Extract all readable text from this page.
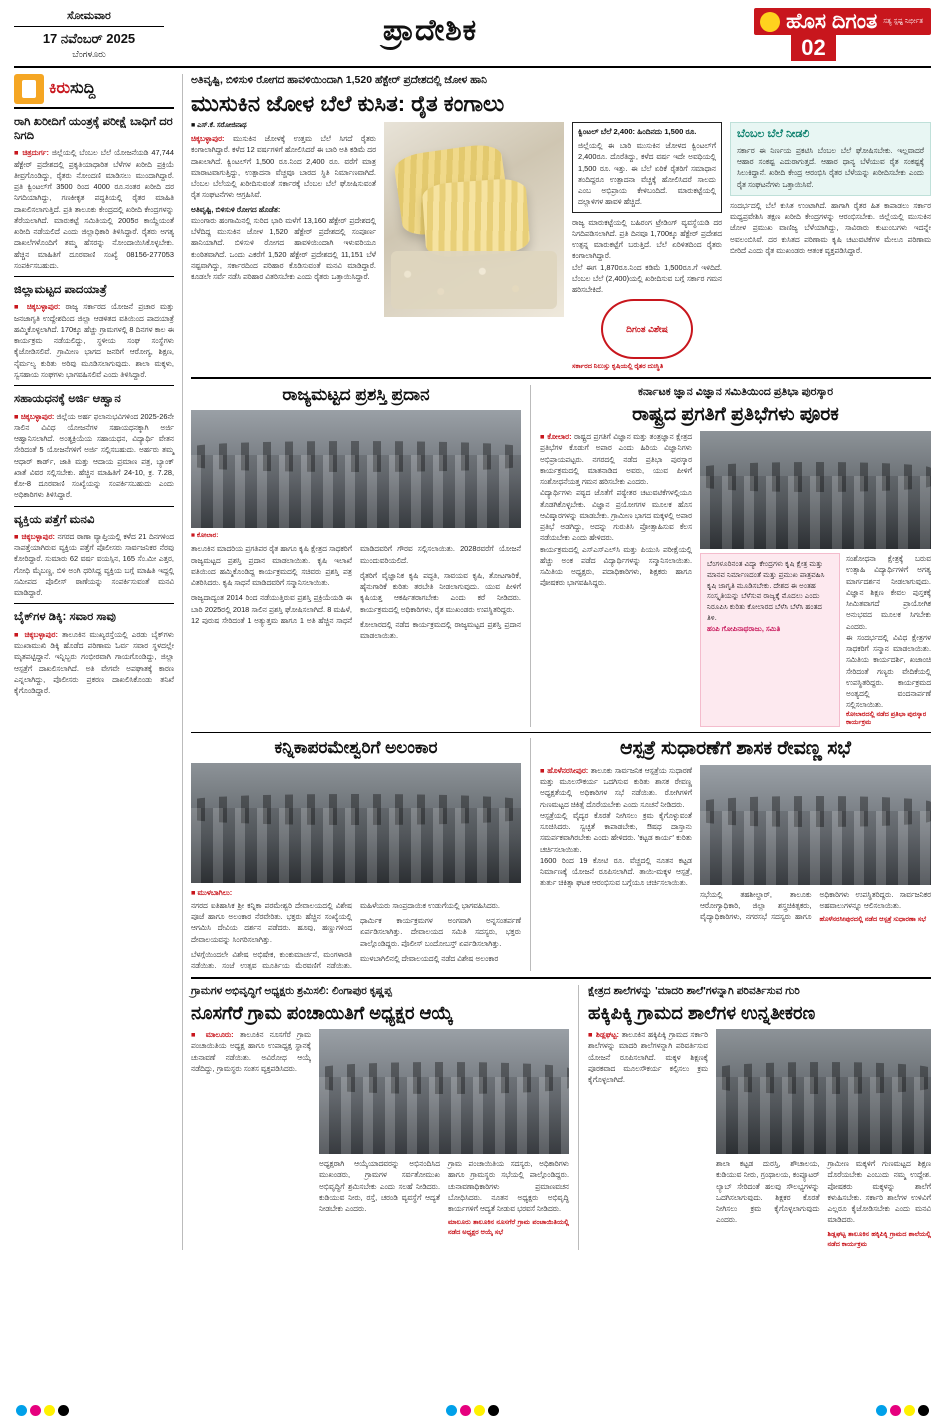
ಸೋಮವಾರ
17 ನವೆಂಬರ್ 2025
ಬೆಂಗಳೂರು
ಪ್ರಾದೇಶಿಕ	ಹೊಸ ದಿಗಂತ ಸತ್ಯ ಸ್ಪಷ್ಟ ನಿರ್ಭೀತ
02
ಕಿರುಸುದ್ದಿ
ರಾಗಿ ಖರೀದಿಗೆ ಯಂತ್ರಕ್ಕೆ ಪರೀಕ್ಷೆ ಬಾಧಿಗೆ ದರ ನಿಗದಿ
■ ಚಿತ್ರದುರ್ಗ: ಜಿಲ್ಲೆಯಲ್ಲಿ ಬೆಂಬಲ ಬೆಲೆ ಯೋಜನೆಯಡಿ 47,744 ಹೆಕ್ಟೇರ್ ಪ್ರದೇಶದಲ್ಲಿ ಪ್ರಕೃತಿಯಾಧಾರಿತ ಬೆಳೆಗಳ ಖರೀದಿ ಪ್ರಕ್ರಿಯೆ ತೀವ್ರಗೊಂಡಿದ್ದು, ರೈತರು ನೋಂದಣಿ ಮಾಡಿಸಲು ಮುಂದಾಗಿದ್ದಾರೆ. ಪ್ರತಿ ಕ್ವಿಂಟಲ್‌ಗೆ 3500 ರಿಂದ 4000 ರೂ.ನಂತರ ಖರೀದಿ ದರ ನಿಗದಿಯಾಗಿದ್ದು, ಗಣಕೀಕೃತ ಪದ್ಧತಿಯಲ್ಲಿ ರೈತರ ಮಾಹಿತಿ ದಾಖಲಿಸಲಾಗುತ್ತಿದೆ. ಪ್ರತಿ ತಾಲೂಕು ಕೇಂದ್ರದಲ್ಲಿ ಖರೀದಿ ಕೇಂದ್ರಗಳನ್ನು ತೆರೆಯಲಾಗಿದೆ. ಮಾರುಕಟ್ಟೆ ಸಮಿತಿಯಲ್ಲಿ 2005ರ ಕಾಯ್ದೆಯಂತೆ ಖರೀದಿ ನಡೆಯಲಿದೆ ಎಂದು ಜಿಲ್ಲಾಧಿಕಾರಿ ತಿಳಿಸಿದ್ದಾರೆ. ರೈತರು ಅಗತ್ಯ ದಾಖಲೆಗಳೊಂದಿಗೆ ತಮ್ಮ ಹೆಸರನ್ನು ನೋಂದಾಯಿಸಿಕೊಳ್ಳಬೇಕು. ಹೆಚ್ಚಿನ ಮಾಹಿತಿಗೆ ದೂರವಾಣಿ ಸಂಖ್ಯೆ 08156-277053 ಸಂಪರ್ಕಿಸಬಹುದು.
ಜಿಲ್ಲಾಮಟ್ಟದ ಪಾದಯಾತ್ರೆ
■ ಚಿಕ್ಕಬಳ್ಳಾಪುರ: ರಾಜ್ಯ ಸರ್ಕಾರದ ಯೋಜನೆ ಪ್ರಚಾರ ಮತ್ತು ಜನಜಾಗೃತಿ ಉದ್ದೇಶದಿಂದ ಜಿಲ್ಲಾ ಆಡಳಿತದ ವತಿಯಿಂದ ಪಾದಯಾತ್ರೆ ಹಮ್ಮಿಕೊಳ್ಳಲಾಗಿದೆ. 170ಕ್ಕೂ ಹೆಚ್ಚು ಗ್ರಾಮಗಳಲ್ಲಿ 8 ದಿನಗಳ ಕಾಲ ಈ ಕಾರ್ಯಕ್ರಮ ನಡೆಯಲಿದ್ದು, ಸ್ಥಳೀಯ ಸಂಘ ಸಂಸ್ಥೆಗಳು ಕೈಜೋಡಿಸಲಿವೆ. ಗ್ರಾಮೀಣ ಭಾಗದ ಜನರಿಗೆ ಆರೋಗ್ಯ, ಶಿಕ್ಷಣ, ನೈರ್ಮಲ್ಯ ಕುರಿತು ಅರಿವು ಮೂಡಿಸಲಾಗುವುದು. ಶಾಲಾ ಮಕ್ಕಳು, ಸ್ವಸಹಾಯ ಸಂಘಗಳು ಭಾಗವಹಿಸಲಿವೆ ಎಂದು ತಿಳಿಸಿದ್ದಾರೆ.
ಸಹಾಯಧನಕ್ಕೆ ಅರ್ಜಿ ಆಹ್ವಾನ
■ ಚಿಕ್ಕಬಳ್ಳಾಪುರ: ಜಿಲ್ಲೆಯ ಅರ್ಹ ಫಲಾನುಭವಿಗಳಿಂದ 2025-26ನೇ ಸಾಲಿನ ವಿವಿಧ ಯೋಜನೆಗಳ ಸಹಾಯಧನಕ್ಕಾಗಿ ಅರ್ಜಿ ಆಹ್ವಾನಿಸಲಾಗಿದೆ. ಅಂತ್ಯಕ್ರಿಯೆಯ ಸಹಾಯಧನ, ವಿದ್ಯಾರ್ಥಿ ವೇತನ ಸೇರಿದಂತೆ 5 ಯೋಜನೆಗಳಿಗೆ ಅರ್ಜಿ ಸಲ್ಲಿಸಬಹುದು. ಅರ್ಹರು ತಮ್ಮ ಆಧಾರ್ ಕಾರ್ಡ್, ಜಾತಿ ಮತ್ತು ಆದಾಯ ಪ್ರಮಾಣ ಪತ್ರ, ಬ್ಯಾಂಕ್ ಖಾತೆ ವಿವರ ಸಲ್ಲಿಸಬೇಕು. ಹೆಚ್ಚಿನ ಮಾಹಿತಿಗೆ 24-10, ಕ್ರ. 7.28, ಕೋ-8 ದೂರವಾಣಿ ಸಂಖ್ಯೆಯನ್ನು ಸಂಪರ್ಕಿಸಬಹುದು ಎಂದು ಅಧಿಕಾರಿಗಳು ತಿಳಿಸಿದ್ದಾರೆ.
ವ್ಯಕ್ತಿಯ ಪತ್ತೆಗೆ ಮನವಿ
■ ಚಿಕ್ಕಬಳ್ಳಾಪುರ: ನಗರದ ಠಾಣಾ ವ್ಯಾಪ್ತಿಯಲ್ಲಿ ಕಳೆದ 21 ದಿನಗಳಿಂದ ನಾಪತ್ತೆಯಾಗಿರುವ ವ್ಯಕ್ತಿಯ ಪತ್ತೆಗೆ ಪೊಲೀಸರು ಸಾರ್ವಜನಿಕರ ನೆರವು ಕೋರಿದ್ದಾರೆ. ಸುಮಾರು 62 ವರ್ಷ ವಯಸ್ಸಿನ, 165 ಸೆಂ.ಮೀ ಎತ್ತರ, ಗೋಧಿ ಮೈಬಣ್ಣ, ಬಿಳಿ ಅಂಗಿ ಧರಿಸಿದ್ದ ವ್ಯಕ್ತಿಯ ಬಗ್ಗೆ ಮಾಹಿತಿ ಇದ್ದಲ್ಲಿ ಸಮೀಪದ ಪೊಲೀಸ್ ಠಾಣೆಯನ್ನು ಸಂಪರ್ಕಿಸುವಂತೆ ಮನವಿ ಮಾಡಿದ್ದಾರೆ.
ಬೈಕ್‌ಗಳ ಡಿಕ್ಕಿ: ಸವಾರ ಸಾವು
■ ಚಿಕ್ಕಬಳ್ಳಾಪುರ: ತಾಲೂಕಿನ ಮುಖ್ಯರಸ್ತೆಯಲ್ಲಿ ಎರಡು ಬೈಕ್‌ಗಳು ಮುಖಾಮುಖಿ ಡಿಕ್ಕಿ ಹೊಡೆದ ಪರಿಣಾಮ ಓರ್ವ ಸವಾರ ಸ್ಥಳದಲ್ಲೇ ಮೃತಪಟ್ಟಿದ್ದಾನೆ. ಇನ್ನಿಬ್ಬರು ಗಂಭೀರವಾಗಿ ಗಾಯಗೊಂಡಿದ್ದು, ಜಿಲ್ಲಾ ಆಸ್ಪತ್ರೆಗೆ ದಾಖಲಿಸಲಾಗಿದೆ. ಅತಿ ವೇಗವೇ ಅಪಘಾತಕ್ಕೆ ಕಾರಣ ಎನ್ನಲಾಗಿದ್ದು, ಪೊಲೀಸರು ಪ್ರಕರಣ ದಾಖಲಿಸಿಕೊಂಡು ತನಿಖೆ ಕೈಗೊಂಡಿದ್ದಾರೆ.
ಅತಿವೃಷ್ಟಿ, ಬಿಳಿಸುಳಿ ರೋಗದ ಹಾವಳಿಯಿಂದಾಗಿ 1,520 ಹೆಕ್ಟೇರ್ ಪ್ರದೇಶದಲ್ಲಿ ಜೋಳ ಹಾನಿ
ಮುಸುಕಿನ ಜೋಳ ಬೆಲೆ ಕುಸಿತ: ರೈತ ಕಂಗಾಲು
■ ಎಸ್.ಕೆ. ಸರೋಜಿನಾಥ
ಚಿಕ್ಕಬಳ್ಳಾಪುರ: ಮುಸುಕಿನ ಜೋಳಕ್ಕೆ ಉತ್ತಮ ಬೆಲೆ ಸಿಗದೆ ರೈತರು ಕಂಗಾಲಾಗಿದ್ದಾರೆ. ಕಳೆದ 12 ವರ್ಷಗಳಿಗೆ ಹೋಲಿಸಿದರೆ ಈ ಬಾರಿ ಅತಿ ಕಡಿಮೆ ದರ ದಾಖಲಾಗಿದೆ. ಕ್ವಿಂಟಲ್‌ಗೆ 1,500 ರೂ.ನಿಂದ 2,400 ರೂ. ವರೆಗೆ ಮಾತ್ರ ಮಾರಾಟವಾಗುತ್ತಿದ್ದು, ಉತ್ಪಾದನಾ ವೆಚ್ಚವೂ ಬಾರದ ಸ್ಥಿತಿ ನಿರ್ಮಾಣವಾಗಿದೆ. ಬೆಂಬಲ ಬೆಲೆಯಲ್ಲಿ ಖರೀದಿಸುವಂತೆ ಸರ್ಕಾರಕ್ಕೆ ಬೆಂಬಲ ಬೆಲೆ ಘೋಷಿಸುವಂತೆ ರೈತ ಸಂಘಟನೆಗಳು ಆಗ್ರಹಿಸಿವೆ.
ಅತಿವೃಷ್ಟಿ, ಬಿಳಿಸುಳಿ ರೋಗದ ಹೊಡೆತ:
ಮುಂಗಾರು ಹಂಗಾಮಿನಲ್ಲಿ ಸುರಿದ ಭಾರಿ ಮಳೆಗೆ 13,160 ಹೆಕ್ಟೇರ್ ಪ್ರದೇಶದಲ್ಲಿ ಬೆಳೆದಿದ್ದ ಮುಸುಕಿನ ಜೋಳ 1,520 ಹೆಕ್ಟೇರ್ ಪ್ರದೇಶದಲ್ಲಿ ಸಂಪೂರ್ಣ ಹಾನಿಯಾಗಿದೆ. ಬಿಳಿಸುಳಿ ರೋಗದ ಹಾವಳಿಯಿಂದಾಗಿ ಇಳುವರಿಯೂ ಕುಂಠಿತವಾಗಿದೆ. ಒಂದು ಎಕರೆಗೆ 1,520 ಹೆಕ್ಟೇರ್ ಪ್ರದೇಶದಲ್ಲಿ 11,151 ಬೆಳೆ ನಷ್ಟವಾಗಿದ್ದು, ಸರ್ಕಾರದಿಂದ ಪರಿಹಾರ ಕೊಡಿಸುವಂತೆ ಮನವಿ ಮಾಡಿದ್ದಾರೆ. ಕೂಡಲೇ ಸರ್ವೆ ನಡೆಸಿ ಪರಿಹಾರ ವಿತರಿಸಬೇಕು ಎಂದು ರೈತರು ಒತ್ತಾಯಿಸಿದ್ದಾರೆ.
ಕ್ವಿಂಟಲ್ ಬೆಲೆ 2,400: ಹಿಂದಿನದು 1,500 ರೂ.
ಜಿಲ್ಲೆಯಲ್ಲಿ ಈ ಬಾರಿ ಮುಸುಕಿನ ಜೋಳದ ಕ್ವಿಂಟಲ್‌ಗೆ 2,400ರೂ. ದೊರೆತಿದ್ದು, ಕಳೆದ ವರ್ಷ ಇದೇ ಅವಧಿಯಲ್ಲಿ 1,500 ರೂ. ಇತ್ತು. ಈ ಬೆಲೆ ಏರಿಕೆ ರೈತರಿಗೆ ಸಮಾಧಾನ ತಂದಿದ್ದರೂ ಉತ್ಪಾದನಾ ವೆಚ್ಚಕ್ಕೆ ಹೋಲಿಸಿದರೆ ಸಾಲದು ಎಂಬ ಅಭಿಪ್ರಾಯ ಕೇಳಿಬಂದಿದೆ. ಮಾರುಕಟ್ಟೆಯಲ್ಲಿ ದಲ್ಲಾಳಿಗಳ ಹಾವಳಿ ಹೆಚ್ಚಿದೆ.
ರಾಜ್ಯ ಮಾರುಕಟ್ಟೆಯಲ್ಲಿ ಬಹಿರಂಗ ಟ್ರೇಡಿಂಗ್ ವ್ಯವಸ್ಥೆಯಡಿ ದರ ನಿಗದಿಪಡಿಸಲಾಗಿದೆ. ಪ್ರತಿ ದಿನವೂ 1,700ಕ್ಕೂ ಹೆಕ್ಟೇರ್ ಪ್ರದೇಶದ ಉತ್ಪನ್ನ ಮಾರುಕಟ್ಟೆಗೆ ಬರುತ್ತಿದೆ. ಬೆಲೆ ಏರಿಳಿತದಿಂದ ರೈತರು ಕಂಗಾಲಾಗಿದ್ದಾರೆ.
ಬೆಲೆ ಈಗ 1,870ರೂ.ನಿಂದ ಕಡಿಮೆ 1,500ರೂ.ಗೆ ಇಳಿದಿದೆ. ಬೆಂಬಲ ಬೆಲೆ (2,400)ಯಲ್ಲಿ ಖರೀದಿಸುವ ಬಗ್ಗೆ ಸರ್ಕಾರ ಗಮನ ಹರಿಸಬೇಕಿದೆ.
ದಿಗಂತ ವಿಶೇಷ
ಸರ್ಕಾರದ ನಿಲುಸ್ತು ಕೃಷಿಯಲ್ಲಿ ರೈತರ ದುಃಸ್ಥಿತಿ
ಬೆಂಬಲ ಬೆಲೆ ನೀಡಲಿ
ಸರ್ಕಾರ ಈ ನಿರ್ಣಯ ಪ್ರಕಟಿಸಿ ಬೆಂಬಲ ಬೆಲೆ ಘೋಷಿಸಬೇಕು. ಇಲ್ಲವಾದರೆ ಆಹಾರ ಸಂಕಷ್ಟ ಎದುರಾಗುತ್ತದೆ. ಆಹಾರ ಧಾನ್ಯ ಬೆಳೆಯುವ ರೈತ ಸಂಕಷ್ಟಕ್ಕೆ ಸಿಲುಕಿದ್ದಾನೆ. ಖರೀದಿ ಕೇಂದ್ರ ಆರಂಭಿಸಿ ರೈತರ ಬೆಳೆಯನ್ನು ಖರೀದಿಸಬೇಕು ಎಂದು ರೈತ ಸಂಘಟನೆಗಳು ಒತ್ತಾಯಿಸಿವೆ.
ಸಂದರ್ಭದಲ್ಲಿ ಬೆಲೆ ಕುಸಿತ ಉಂಟಾಗಿದೆ. ಹಾಗಾಗಿ ರೈತರ ಹಿತ ಕಾಪಾಡಲು ಸರ್ಕಾರ ಮಧ್ಯಪ್ರವೇಶಿಸಿ ತಕ್ಷಣ ಖರೀದಿ ಕೇಂದ್ರಗಳನ್ನು ಆರಂಭಿಸಬೇಕು. ಜಿಲ್ಲೆಯಲ್ಲಿ ಮುಸುಕಿನ ಜೋಳ ಪ್ರಮುಖ ವಾಣಿಜ್ಯ ಬೆಳೆಯಾಗಿದ್ದು, ಸಾವಿರಾರು ಕುಟುಂಬಗಳು ಇದನ್ನೇ ಅವಲಂಬಿಸಿವೆ. ದರ ಕುಸಿತದ ಪರಿಣಾಮ ಕೃಷಿ ಚಟುವಟಿಕೆಗಳ ಮೇಲೂ ಪರಿಣಾಮ ಬೀರಿದೆ ಎಂದು ರೈತ ಮುಖಂಡರು ಆತಂಕ ವ್ಯಕ್ತಪಡಿಸಿದ್ದಾರೆ.
ರಾಜ್ಯಮಟ್ಟದ ಪ್ರಶಸ್ತಿ ಪ್ರದಾನ
■ ಕೋಲಾರ:

ತಾಲೂಕಿನ ಮಾದರಿಯ ಪ್ರಗತಿಪರ ರೈತ ಹಾಗೂ ಕೃಷಿ ಕ್ಷೇತ್ರದ ಸಾಧಕರಿಗೆ ರಾಜ್ಯಮಟ್ಟದ ಪ್ರಶಸ್ತಿ ಪ್ರದಾನ ಮಾಡಲಾಯಿತು. ಕೃಷಿ ಇಲಾಖೆ ವತಿಯಿಂದ ಹಮ್ಮಿಕೊಂಡಿದ್ದ ಕಾರ್ಯಕ್ರಮದಲ್ಲಿ ಸಚಿವರು ಪ್ರಶಸ್ತಿ ಪತ್ರ ವಿತರಿಸಿದರು. ಕೃಷಿ ಸಾಧನೆ ಮಾಡಿದವರಿಗೆ ಸನ್ಮಾನಿಸಲಾಯಿತು.

ರಾಜ್ಯದಾದ್ಯಂತ 2014 ರಿಂದ ನಡೆಯುತ್ತಿರುವ ಪ್ರಶಸ್ತಿ ಪ್ರಕ್ರಿಯೆಯಡಿ ಈ ಬಾರಿ 2025ರಲ್ಲಿ 2018 ಸಾಲಿನ ಪ್ರಶಸ್ತಿ ಘೋಷಿಸಲಾಗಿದೆ. 8 ಮಹಿಳೆ, 12 ಪುರುಷ ಸೇರಿದಂತೆ 1 ಅತ್ಯುತ್ತಮ ಹಾಗೂ 1 ಅತಿ ಹೆಚ್ಚಿನ ಸಾಧನೆ ಮಾಡಿದವರಿಗೆ ಗೌರವ ಸಲ್ಲಿಸಲಾಯಿತು. 2028ರವರೆಗೆ ಯೋಜನೆ ಮುಂದುವರಿಯಲಿದೆ.

ರೈತರಿಗೆ ವೈಜ್ಞಾನಿಕ ಕೃಷಿ ಪದ್ಧತಿ, ಸಾವಯವ ಕೃಷಿ, ತೋಟಗಾರಿಕೆ, ಹೈನುಗಾರಿಕೆ ಕುರಿತು ತರಬೇತಿ ನೀಡಲಾಗುವುದು. ಯುವ ಪೀಳಿಗೆ ಕೃಷಿಯತ್ತ ಆಕರ್ಷಿತರಾಗಬೇಕು ಎಂದು ಕರೆ ನೀಡಿದರು. ಕಾರ್ಯಕ್ರಮದಲ್ಲಿ ಅಧಿಕಾರಿಗಳು, ರೈತ ಮುಖಂಡರು ಉಪಸ್ಥಿತರಿದ್ದರು.

ಕೋಲಾರದಲ್ಲಿ ನಡೆದ ಕಾರ್ಯಕ್ರಮದಲ್ಲಿ ರಾಜ್ಯಮಟ್ಟದ ಪ್ರಶಸ್ತಿ ಪ್ರದಾನ ಮಾಡಲಾಯಿತು.

ಕರ್ನಾಟಕ ಜ್ಞಾನ ವಿಜ್ಞಾನ ಸಮಿತಿಯಿಂದ ಪ್ರತಿಭಾ ಪುರಸ್ಕಾರ
ರಾಷ್ಟ್ರದ ಪ್ರಗತಿಗೆ ಪ್ರತಿಭೆಗಳು ಪೂರಕ
■ ಕೋಲಾರ: ರಾಷ್ಟ್ರದ ಪ್ರಗತಿಗೆ ವಿಜ್ಞಾನ ಮತ್ತು ತಂತ್ರಜ್ಞಾನ ಕ್ಷೇತ್ರದ ಪ್ರತಿಭೆಗಳ ಕೊಡುಗೆ ಅಪಾರ ಎಂದು ಹಿರಿಯ ವಿಜ್ಞಾನಿಗಳು ಅಭಿಪ್ರಾಯಪಟ್ಟರು. ನಗರದಲ್ಲಿ ನಡೆದ ಪ್ರತಿಭಾ ಪುರಸ್ಕಾರ ಕಾರ್ಯಕ್ರಮದಲ್ಲಿ ಮಾತನಾಡಿದ ಅವರು, ಯುವ ಪೀಳಿಗೆ ಸಂಶೋಧನೆಯತ್ತ ಗಮನ ಹರಿಸಬೇಕು ಎಂದರು.
ವಿದ್ಯಾರ್ಥಿಗಳು ಪಠ್ಯದ ಜೊತೆಗೆ ಪಠ್ಯೇತರ ಚಟುವಟಿಕೆಗಳಲ್ಲಿಯೂ ತೊಡಗಿಕೊಳ್ಳಬೇಕು. ವಿಜ್ಞಾನ ಪ್ರಯೋಗಗಳ ಮೂಲಕ ಹೊಸ ಆವಿಷ್ಕಾರಗಳನ್ನು ಮಾಡಬೇಕು. ಗ್ರಾಮೀಣ ಭಾಗದ ಮಕ್ಕಳಲ್ಲಿ ಅಪಾರ ಪ್ರತಿಭೆ ಅಡಗಿದ್ದು, ಅದನ್ನು ಗುರುತಿಸಿ ಪ್ರೋತ್ಸಾಹಿಸುವ ಕೆಲಸ ನಡೆಯಬೇಕು ಎಂದು ಹೇಳಿದರು.
ಕಾರ್ಯಕ್ರಮದಲ್ಲಿ ಎಸ್ಎಸ್ಎಲ್‌ಸಿ ಮತ್ತು ಪಿಯುಸಿ ಪರೀಕ್ಷೆಯಲ್ಲಿ ಹೆಚ್ಚು ಅಂಕ ಪಡೆದ ವಿದ್ಯಾರ್ಥಿಗಳನ್ನು ಸನ್ಮಾನಿಸಲಾಯಿತು. ಸಮಿತಿಯ ಅಧ್ಯಕ್ಷರು, ಪದಾಧಿಕಾರಿಗಳು, ಶಿಕ್ಷಕರು ಹಾಗೂ ಪೋಷಕರು ಭಾಗವಹಿಸಿದ್ದರು.
ಬೆಂಗಳೂರಿನಂತ ವಿದ್ಯಾ ಕೇಂದ್ರಗಳು ಕೃಷಿ ಕ್ಷೇತ್ರ ಮತ್ತು ಮಾನವ ನಿರ್ಮಾಣದಂತೆ ಮತ್ತು ಪ್ರಮುಖ ಪಾತ್ರವಹಿಸಿ ಕೃಷಿ ಜಾಗೃತಿ ಮೂಡಿಸಬೇಕು. ದೇಶದ ಈ ಅಂತಹ ಸಂಸ್ಕೃತಿಯನ್ನು ಬೆಳೆಸುವ ರಾಜ್ಯಕ್ಕೆ ಮೊದಲು ಎಂದು ನಿರೂಪಿಸಿ ಕುರಿತು ಕೋಲಾರದ ಬೆಳೆಸಿ ಬೆಳೆಸಿ ಹಂತದ ತಿಳಿ.
ಹಂಪಿ ಗೋಪಿನಾಥರಾಜು, ಸಮಿತಿ
ಸಂಶೋಧನಾ ಕ್ಷೇತ್ರಕ್ಕೆ ಬರುವ ಉತ್ಸಾಹಿ ವಿದ್ಯಾರ್ಥಿಗಳಿಗೆ ಅಗತ್ಯ ಮಾರ್ಗದರ್ಶನ ನೀಡಲಾಗುವುದು. ವಿಜ್ಞಾನ ಶಿಕ್ಷಣ ಕೇವಲ ಪುಸ್ತಕಕ್ಕೆ ಸೀಮಿತವಾಗದೆ ಪ್ರಾಯೋಗಿಕ ಅನುಭವದ ಮೂಲಕ ಸಿಗಬೇಕು ಎಂದರು.
ಈ ಸಂದರ್ಭದಲ್ಲಿ ವಿವಿಧ ಕ್ಷೇತ್ರಗಳ ಸಾಧಕರಿಗೆ ಸನ್ಮಾನ ಮಾಡಲಾಯಿತು. ಸಮಿತಿಯ ಕಾರ್ಯದರ್ಶಿ, ಖಜಾಂಚಿ ಸೇರಿದಂತೆ ಗಣ್ಯರು ವೇದಿಕೆಯಲ್ಲಿ ಉಪಸ್ಥಿತರಿದ್ದರು. ಕಾರ್ಯಕ್ರಮದ ಅಂತ್ಯದಲ್ಲಿ ವಂದನಾರ್ಪಣೆ ಸಲ್ಲಿಸಲಾಯಿತು.
ಕೋಲಾರದಲ್ಲಿ ನಡೆದ ಪ್ರತಿಭಾ ಪುರಸ್ಕಾರ ಕಾರ್ಯಕ್ರಮ
ಕನ್ನಿಕಾಪರಮೇಶ್ವರಿಗೆ ಅಲಂಕಾರ
■ ಮುಳಬಾಗಿಲು:

ನಗರದ ಐತಿಹಾಸಿಕ ಶ್ರೀ ಕನ್ನಿಕಾ ಪರಮೇಶ್ವರಿ ದೇವಾಲಯದಲ್ಲಿ ವಿಶೇಷ ಪೂಜೆ ಹಾಗೂ ಅಲಂಕಾರ ನೆರವೇರಿತು. ಭಕ್ತರು ಹೆಚ್ಚಿನ ಸಂಖ್ಯೆಯಲ್ಲಿ ಆಗಮಿಸಿ ದೇವಿಯ ದರ್ಶನ ಪಡೆದರು. ಹೂವು, ಹಣ್ಣುಗಳಿಂದ ದೇವಾಲಯವನ್ನು ಸಿಂಗರಿಸಲಾಗಿತ್ತು.

ಬೆಳಗ್ಗೆಯಿಂದಲೇ ವಿಶೇಷ ಅಭಿಷೇಕ, ಕುಂಕುಮಾರ್ಚನೆ, ಮಂಗಳಾರತಿ ನಡೆಯಿತು. ಸಂಜೆ ಉತ್ಸವ ಮೂರ್ತಿಯ ಮೆರವಣಿಗೆ ನಡೆಯಿತು. ಮಹಿಳೆಯರು ಸಾಂಪ್ರದಾಯಿಕ ಉಡುಗೆಯಲ್ಲಿ ಭಾಗವಹಿಸಿದರು.

ಧಾರ್ಮಿಕ ಕಾರ್ಯಕ್ರಮಗಳ ಅಂಗವಾಗಿ ಅನ್ನಸಂತರ್ಪಣೆ ಏರ್ಪಡಿಸಲಾಗಿತ್ತು. ದೇವಾಲಯದ ಸಮಿತಿ ಸದಸ್ಯರು, ಭಕ್ತರು ಪಾಲ್ಗೊಂಡಿದ್ದರು. ಪೊಲೀಸ್ ಬಂದೋಬಸ್ತ್ ಏರ್ಪಡಿಸಲಾಗಿತ್ತು.

ಮುಳಬಾಗಿಲಿನಲ್ಲಿ ದೇವಾಲಯದಲ್ಲಿ ನಡೆದ ವಿಶೇಷ ಅಲಂಕಾರ

ಆಸ್ಪತ್ರೆ ಸುಧಾರಣೆಗೆ ಶಾಸಕ ರೇವಣ್ಣ ಸಭೆ
■ ಹೊಳೆನರಸೀಪುರ: ತಾಲೂಕು ಸಾರ್ವಜನಿಕ ಆಸ್ಪತ್ರೆಯ ಸುಧಾರಣೆ ಮತ್ತು ಮೂಲಸೌಕರ್ಯ ಒದಗಿಸುವ ಕುರಿತು ಶಾಸಕ ರೇವಣ್ಣ ಅಧ್ಯಕ್ಷತೆಯಲ್ಲಿ ಅಧಿಕಾರಿಗಳ ಸಭೆ ನಡೆಯಿತು. ರೋಗಿಗಳಿಗೆ ಗುಣಮಟ್ಟದ ಚಿಕಿತ್ಸೆ ದೊರೆಯಬೇಕು ಎಂದು ಸೂಚನೆ ನೀಡಿದರು.
ಆಸ್ಪತ್ರೆಯಲ್ಲಿ ವೈದ್ಯರ ಕೊರತೆ ನೀಗಿಸಲು ಕ್ರಮ ಕೈಗೊಳ್ಳುವಂತೆ ಸೂಚಿಸಿದರು. ಸ್ವಚ್ಛತೆ ಕಾಪಾಡಬೇಕು, ಔಷಧ ದಾಸ್ತಾನು ಸಮರ್ಪಕವಾಗಿರಬೇಕು ಎಂದು ಹೇಳಿದರು. 'ಕಟ್ಟಡ ಕಾರ್ಯ' ಕುರಿತು ಚರ್ಚಿಸಲಾಯಿತು.
1600 ರಿಂದ 19 ಕೋಟಿ ರೂ. ವೆಚ್ಚದಲ್ಲಿ ನೂತನ ಕಟ್ಟಡ ನಿರ್ಮಾಣಕ್ಕೆ ಯೋಜನೆ ರೂಪಿಸಲಾಗಿದೆ. ತಾಯಿ-ಮಕ್ಕಳ ಆಸ್ಪತ್ರೆ, ತುರ್ತು ಚಿಕಿತ್ಸಾ ಘಟಕ ಆರಂಭಿಸುವ ಬಗ್ಗೆಯೂ ಚರ್ಚಿಸಲಾಯಿತು.

ಸಭೆಯಲ್ಲಿ ತಹಶೀಲ್ದಾರ್, ತಾಲೂಕು ಆರೋಗ್ಯಾಧಿಕಾರಿ, ಜಿಲ್ಲಾ ಶಸ್ತ್ರಚಿಕಿತ್ಸಕರು, ವೈದ್ಯಾಧಿಕಾರಿಗಳು, ನಗರಸಭೆ ಸದಸ್ಯರು ಹಾಗೂ ಅಧಿಕಾರಿಗಳು ಉಪಸ್ಥಿತರಿದ್ದರು. ಸಾರ್ವಜನಿಕರ ಅಹವಾಲುಗಳನ್ನೂ ಆಲಿಸಲಾಯಿತು.

ಹೊಳೆನರಸೀಪುರದಲ್ಲಿ ನಡೆದ ಆಸ್ಪತ್ರೆ ಸುಧಾರಣಾ ಸಭೆ

ಗ್ರಾಮಗಳ ಅಭಿವೃದ್ಧಿಗೆ ಅಧ್ಯಕ್ಷರು ಶ್ರಮಿಸಲಿ: ಲಿಂಗಾಪುರ ಕೃಷ್ಣಪ್ಪ
ನೂಸಗೆರೆ ಗ್ರಾಮ ಪಂಚಾಯಿತಿಗೆ ಅಧ್ಯಕ್ಷರ ಆಯ್ಕೆ
■ ಮಾಲೂರು: ತಾಲೂಕಿನ ನೂಸಗೆರೆ ಗ್ರಾಮ ಪಂಚಾಯಿತಿಯ ಅಧ್ಯಕ್ಷ ಹಾಗೂ ಉಪಾಧ್ಯಕ್ಷ ಸ್ಥಾನಕ್ಕೆ ಚುನಾವಣೆ ನಡೆಯಿತು. ಅವಿರೋಧ ಆಯ್ಕೆ ನಡೆದಿದ್ದು, ಗ್ರಾಮಸ್ಥರು ಸಂತಸ ವ್ಯಕ್ತಪಡಿಸಿದರು.

ಅಧ್ಯಕ್ಷರಾಗಿ ಆಯ್ಕೆಯಾದವರನ್ನು ಅಭಿನಂದಿಸಿದ ಮುಖಂಡರು, ಗ್ರಾಮಗಳ ಸರ್ವತೋಮುಖ ಅಭಿವೃದ್ಧಿಗೆ ಶ್ರಮಿಸಬೇಕು ಎಂದು ಸಲಹೆ ನೀಡಿದರು. ಕುಡಿಯುವ ನೀರು, ರಸ್ತೆ, ಚರಂಡಿ ವ್ಯವಸ್ಥೆಗೆ ಆದ್ಯತೆ ನೀಡಬೇಕು ಎಂದರು.

ಗ್ರಾಮ ಪಂಚಾಯಿತಿಯ ಸದಸ್ಯರು, ಅಧಿಕಾರಿಗಳು ಹಾಗೂ ಗ್ರಾಮಸ್ಥರು ಸಭೆಯಲ್ಲಿ ಪಾಲ್ಗೊಂಡಿದ್ದರು. ಚುನಾವಣಾಧಿಕಾರಿಗಳು ಪ್ರಮಾಣವಚನ ಬೋಧಿಸಿದರು. ನೂತನ ಅಧ್ಯಕ್ಷರು ಅಭಿವೃದ್ಧಿ ಕಾರ್ಯಗಳಿಗೆ ಆದ್ಯತೆ ನೀಡುವ ಭರವಸೆ ನೀಡಿದರು.

ಮಾಲೂರು ತಾಲೂಕಿನ ನೂಸಗೆರೆ ಗ್ರಾಮ ಪಂಚಾಯಿತಿಯಲ್ಲಿ ನಡೆದ ಅಧ್ಯಕ್ಷರ ಆಯ್ಕೆ ಸಭೆ

ಕ್ಷೇತ್ರದ ಶಾಲೆಗಳನ್ನು 'ಮಾದರಿ ಶಾಲೆ'ಗಳನ್ನಾಗಿ ಪರಿವರ್ತಿಸುವ ಗುರಿ
ಹಕ್ಕಿಪಿಕ್ಕಿ ಗ್ರಾಮದ ಶಾಲೆಗಳ ಉನ್ನತೀಕರಣ
■ ಶಿಡ್ಲಘಟ್ಟ: ತಾಲೂಕಿನ ಹಕ್ಕಿಪಿಕ್ಕಿ ಗ್ರಾಮದ ಸರ್ಕಾರಿ ಶಾಲೆಗಳನ್ನು ಮಾದರಿ ಶಾಲೆಗಳನ್ನಾಗಿ ಪರಿವರ್ತಿಸುವ ಯೋಜನೆ ರೂಪಿಸಲಾಗಿದೆ. ಮಕ್ಕಳ ಶಿಕ್ಷಣಕ್ಕೆ ಪೂರಕವಾದ ಮೂಲಸೌಕರ್ಯ ಕಲ್ಪಿಸಲು ಕ್ರಮ ಕೈಗೊಳ್ಳಲಾಗಿದೆ.

ಶಾಲಾ ಕಟ್ಟಡ ದುರಸ್ತಿ, ಶೌಚಾಲಯ, ಕುಡಿಯುವ ನೀರು, ಗ್ರಂಥಾಲಯ, ಕಂಪ್ಯೂಟರ್ ಲ್ಯಾಬ್ ಸೇರಿದಂತೆ ಹಲವು ಸೌಲಭ್ಯಗಳನ್ನು ಒದಗಿಸಲಾಗುವುದು. ಶಿಕ್ಷಕರ ಕೊರತೆ ನೀಗಿಸಲು ಕ್ರಮ ಕೈಗೊಳ್ಳಲಾಗುವುದು ಎಂದರು.

ಗ್ರಾಮೀಣ ಮಕ್ಕಳಿಗೆ ಗುಣಮಟ್ಟದ ಶಿಕ್ಷಣ ದೊರೆಯಬೇಕು ಎಂಬುದು ನಮ್ಮ ಉದ್ದೇಶ. ಪೋಷಕರು ಮಕ್ಕಳನ್ನು ಶಾಲೆಗೆ ಕಳುಹಿಸಬೇಕು. ಸರ್ಕಾರಿ ಶಾಲೆಗಳ ಉಳಿವಿಗೆ ಎಲ್ಲರೂ ಕೈಜೋಡಿಸಬೇಕು ಎಂದು ಮನವಿ ಮಾಡಿದರು.

ಶಿಡ್ಲಘಟ್ಟ ತಾಲೂಕಿನ ಹಕ್ಕಿಪಿಕ್ಕಿ ಗ್ರಾಮದ ಶಾಲೆಯಲ್ಲಿ ನಡೆದ ಕಾರ್ಯಕ್ರಮ
